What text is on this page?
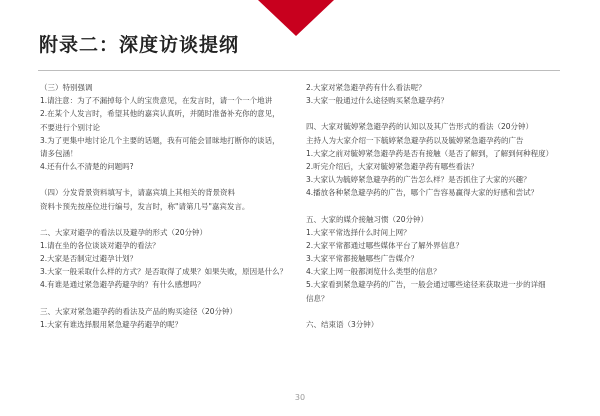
附录二：深度访谈提纲
（三）特别强调
1.请注意：为了不漏掉每个人的宝贵意见，在发言时，请一个一个地讲
2.在某个人发言时，希望其他的嘉宾认真听，并随时准备补充你的意见，
不要进行个别讨论
3.为了更集中地讨论几个主要的话题，我有可能会冒昧地打断你的谈话，
请多包涵！
4.还有什么不清楚的问题吗?
（四）分发背景资料填写卡，请嘉宾填上其相关的背景资料
资料卡预先按座位进行编号，发言时，称"请第几号"嘉宾发言。
二、大家对避孕的看法以及避孕的形式（20分钟）
1.请在坐的各位谈谈对避孕的看法？
2.大家是否制定过避孕计划？
3.大家一般采取什么样的方式？是否取得了成果？如果失败，原因是什么？
4.有谁是通过紧急避孕药避孕的？有什么感想吗？
三、大家对紧急避孕药的看法及产品的购买途径（20分钟）
1.大家有谁选择服用紧急避孕药避孕的呢？
2.大家对紧急避孕药有什么看法呢？
3.大家一般通过什么途径购买紧急避孕药？
四、大家对毓婷紧急避孕药的认知以及其广告形式的看法（20分钟）
主持人为大家介绍一下毓婷紧急避孕药以及毓婷紧急避孕药的广告
1.大家之前对毓婷紧急避孕药是否有接触（是否了解到，了解到何种程度）
2.听完介绍后，大家对毓婷紧急避孕药有哪些看法？
3.大家认为毓婷紧急避孕药的广告怎么样？是否抓住了大家的兴趣？
4.播放各种紧急避孕药的广告，哪个广告容易赢得大家的好感和尝试？
五、大家的媒介接触习惯（20分钟）
1.大家平常选择什么时间上网？
2.大家平常都通过哪些媒体平台了解外界信息？
3.大家平常都接触哪些广告媒介？
4.大家上网一般都浏览什么类型的信息？
5.大家看到紧急避孕药的广告，一般会通过哪些途径来获取进一步的详细
信息？
六、结束语（3分钟）
30
